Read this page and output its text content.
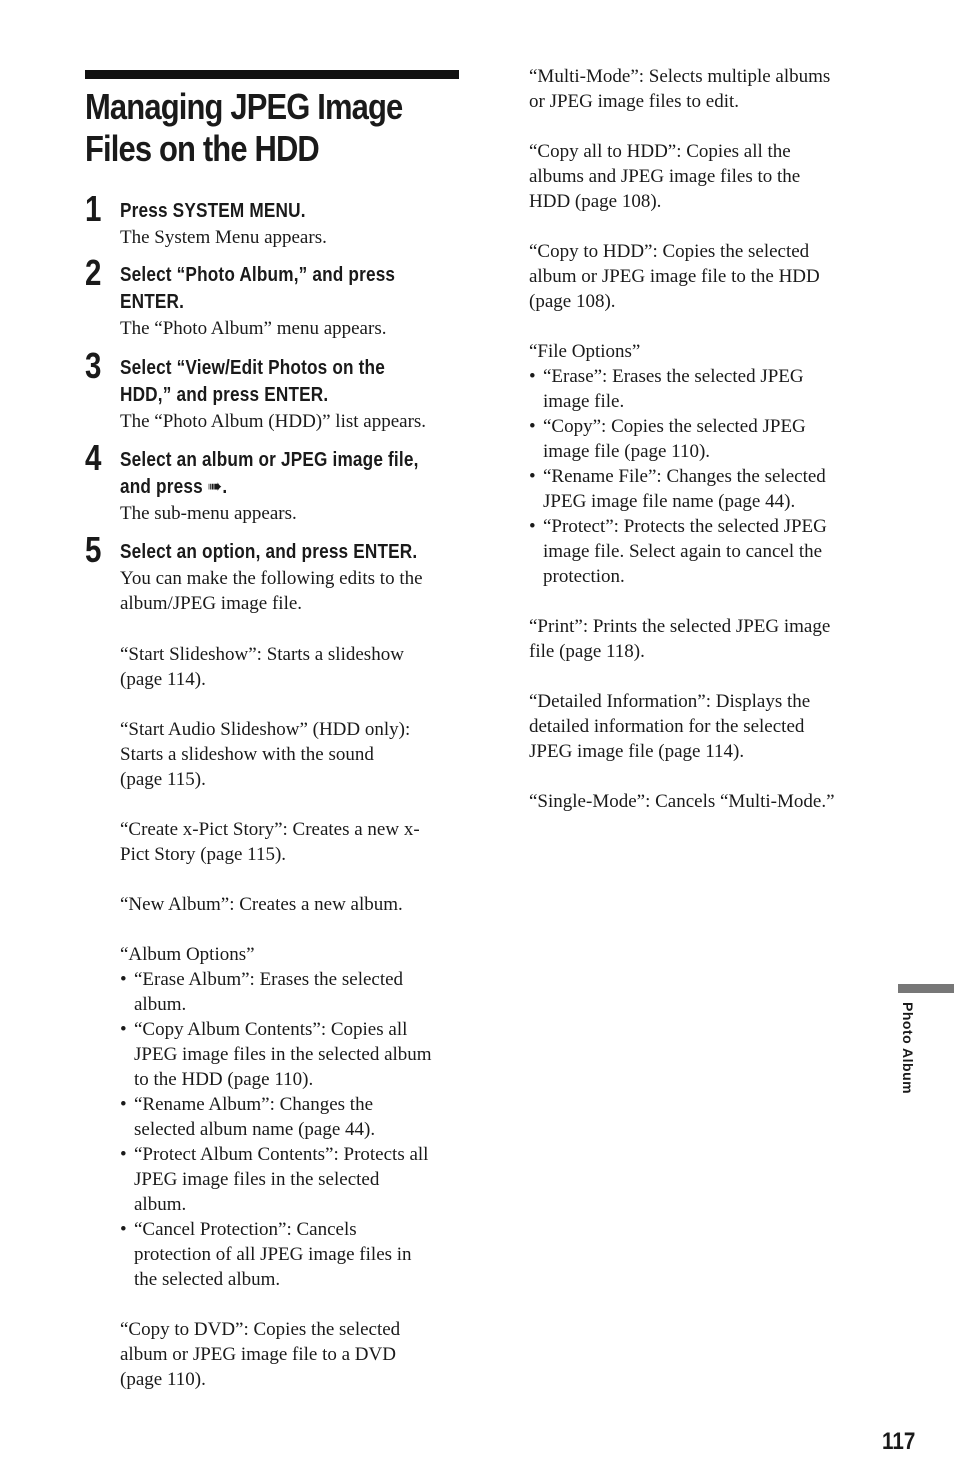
Managing JPEG Image
Files on the HDD
1 Press SYSTEM MENU.

The System Menu appears.

2 Select “Photo Album,” and press
ENTER.

The “Photo Album” menu appears.

3 Select “View/Edit Photos on the
HDD,” and press ENTER.

The “Photo Album (HDD)” list appears.

4 Select an album or JPEG image file,
and press ➠.

The sub-menu appears.

5 Select an option, and press ENTER.

You can make the following edits to the
album/JPEG image file.

“Start Slideshow”: Starts a slideshow
(page 114).

“Start Audio Slideshow” (HDD only):
Starts a slideshow with the sound
(page 115).

“Create x-Pict Story”: Creates a new x-
Pict Story (page 115).

“New Album”: Creates a new album.

“Album Options”

• “Erase Album”: Erases the selected
album.
• “Copy Album Contents”: Copies all
JPEG image files in the selected album
to the HDD (page 110).
• “Rename Album”: Changes the
selected album name (page 44).
• “Protect Album Contents”: Protects all
JPEG image files in the selected
album.
• “Cancel Protection”: Cancels
protection of all JPEG image files in
the selected album.

“Copy to DVD”: Copies the selected
album or JPEG image file to a DVD
(page 110).

“Multi-Mode”: Selects multiple albums
or JPEG image files to edit.

“Copy all to HDD”: Copies all the
albums and JPEG image files to the
HDD (page 108).

“Copy to HDD”: Copies the selected
album or JPEG image file to the HDD
(page 108).

“File Options”

• “Erase”: Erases the selected JPEG
image file.
• “Copy”: Copies the selected JPEG
image file (page 110).
• “Rename File”: Changes the selected
JPEG image file name (page 44).
• “Protect”: Protects the selected JPEG
image file. Select again to cancel the
protection.

“Print”: Prints the selected JPEG image
file (page 118).

“Detailed Information”: Displays the
detailed information for the selected
JPEG image file (page 114).

“Single-Mode”: Cancels “Multi-Mode.”

Photo Album
117
